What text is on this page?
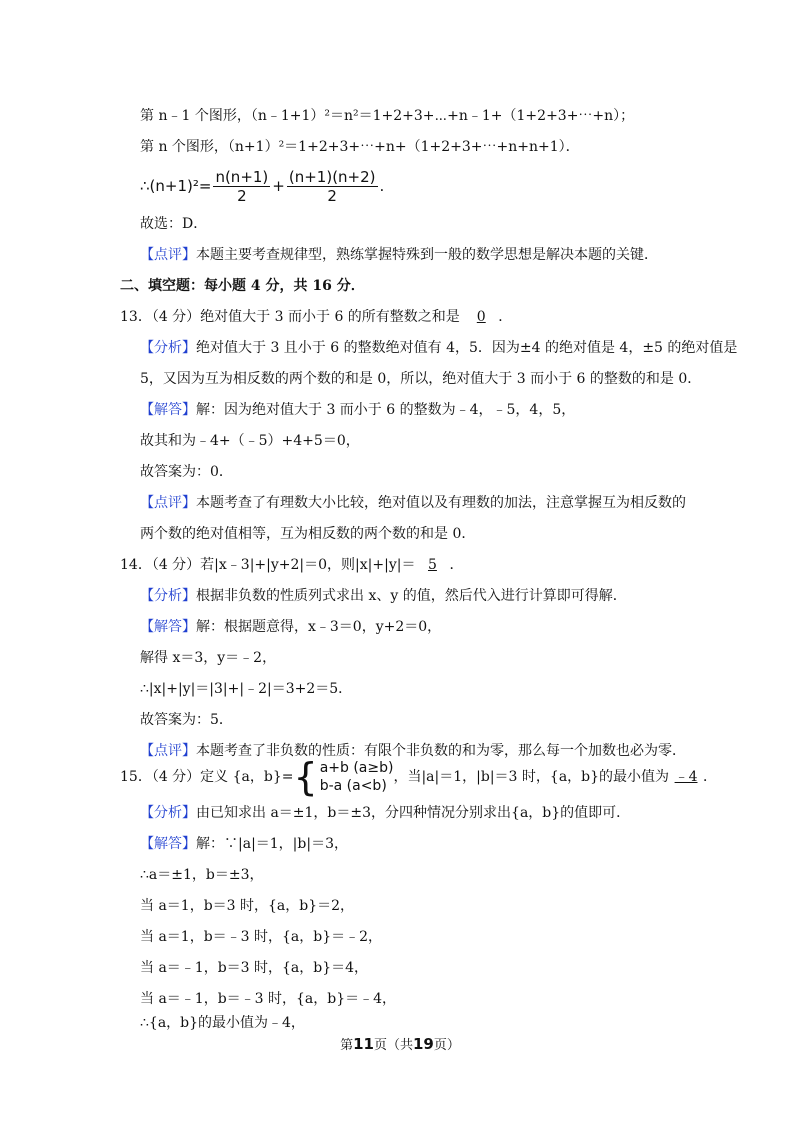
第 n﹣1 个图形，（n﹣1+1）²＝n²＝1+2+3+⋯+n﹣1+（1+2+3+⋯+n）；
第 n 个图形，（n+1）²＝1+2+3+⋯+n+（1+2+3+⋯+n+n+1）．
∴(n+1)²= $\frac{n(n+1)}{2} + \frac{(n+1)(n+2)}{2}$ .
故选：D．
【点评】本题主要考查规律型，熟练掌握特殊到一般的数学思想是解决本题的关键．
二、填空题：每小题 4 分，共 16 分．
13．（4 分）绝对值大于 3 而小于 6 的所有整数之和是 0 ．
【分析】绝对值大于 3 且小于 6 的整数绝对值有 4，5．因为±4 的绝对值是 4，±5 的绝对值是
5，又因为互为相反数的两个数的和是 0，所以，绝对值大于 3 而小于 6 的整数的和是 0．
【解答】解：因为绝对值大于 3 而小于 6 的整数为﹣4，﹣5，4，5，
故其和为﹣4+（﹣5）+4+5＝0，
故答案为：0．
【点评】本题考查了有理数大小比较，绝对值以及有理数的加法，注意掌握互为相反数的
两个数的绝对值相等，互为相反数的两个数的和是 0．
14．（4 分）若|x﹣3|+|y+2|＝0，则|x|+|y|＝ 5 ．
【分析】根据非负数的性质列式求出 x、y 的值，然后代入进行计算即可得解．
【解答】解：根据题意得，x﹣3＝0，y+2＝0，
解得 x＝3，y＝﹣2，
∴|x|+|y|＝|3|+|﹣2|＝3+2＝5．
故答案为：5．
【点评】本题考查了非负数的性质：有限个非负数的和为零，那么每一个加数也必为零．
15．（4 分）定义 {a，b}= { a+b (a≥b)
b-a (a<b)
，当|a|＝1，|b|＝3 时，{a，b}的最小值为 ﹣4 ．
【分析】由已知求出 a＝±1，b＝±3，分四种情况分别求出{a，b}的值即可．
【解答】解：∵|a|＝1，|b|＝3，
∴a＝±1，b＝±3，
当 a＝1，b＝3 时，{a，b}＝2，
当 a＝1，b＝﹣3 时，{a，b}＝﹣2，
当 a＝﹣1，b＝3 时，{a，b}＝4，
当 a＝﹣1，b＝﹣3 时，{a，b}＝﹣4，
∴{a，b}的最小值为﹣4，
第11页（共19页）
